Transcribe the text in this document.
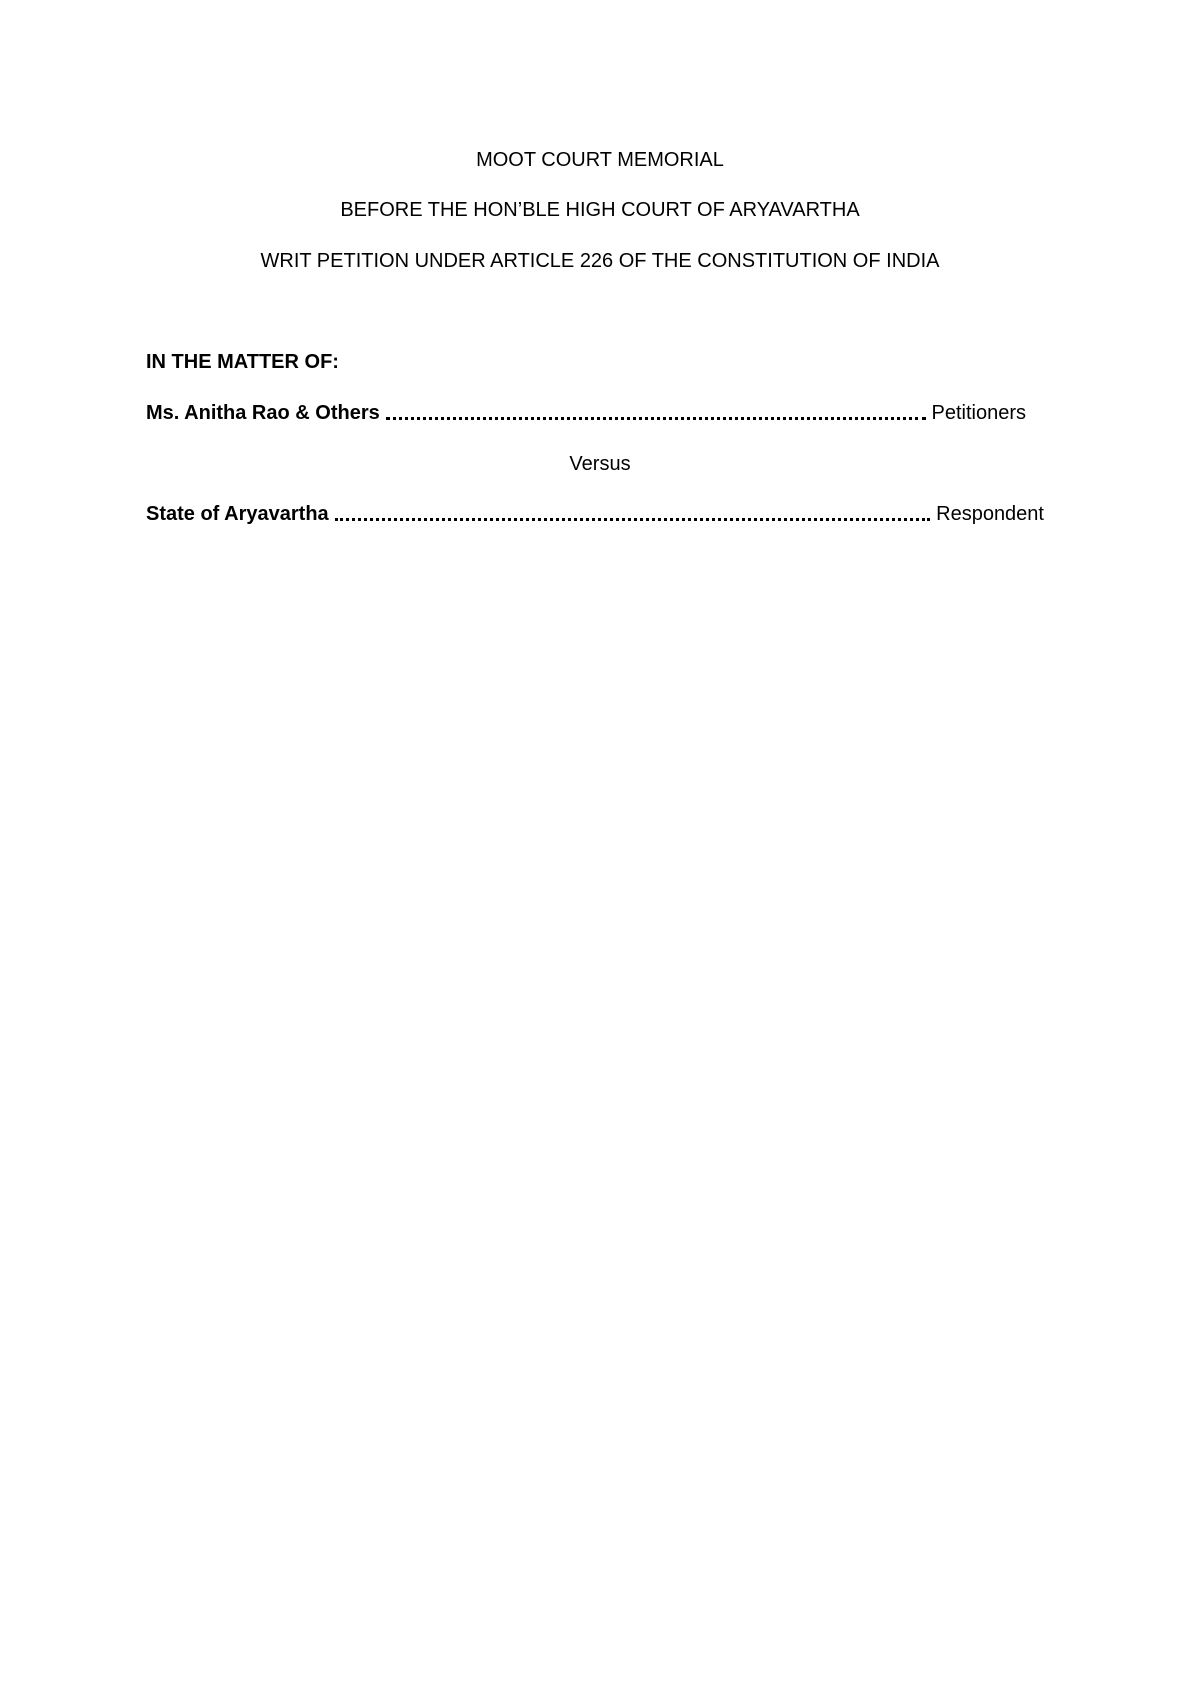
MOOT COURT MEMORIAL
BEFORE THE HON’BLE HIGH COURT OF ARYAVARTHA
WRIT PETITION UNDER ARTICLE 226 OF THE CONSTITUTION OF INDIA
IN THE MATTER OF:
Ms. Anitha Rao & Others	Petitioners
Versus
State of Aryavartha	Respondent
